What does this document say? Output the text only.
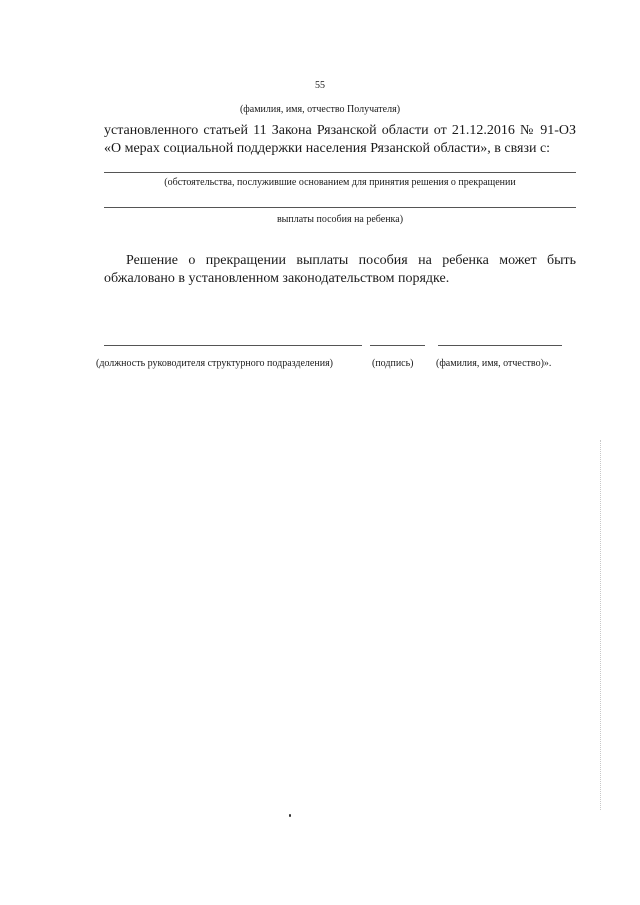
55
(фамилия, имя, отчество Получателя)
установленного статьей 11 Закона Рязанской области от 21.12.2016 № 91-ОЗ
«О мерах социальной поддержки населения Рязанской области», в связи с:
(обстоятельства, послужившие основанием для принятия решения о прекращении
выплаты пособия на ребенка)
Решение о прекращении выплаты пособия на ребенка может быть
обжаловано в установленном законодательством порядке.
(должность руководителя структурного подразделения)	(подпись) (фамилия, имя, отчество)».
